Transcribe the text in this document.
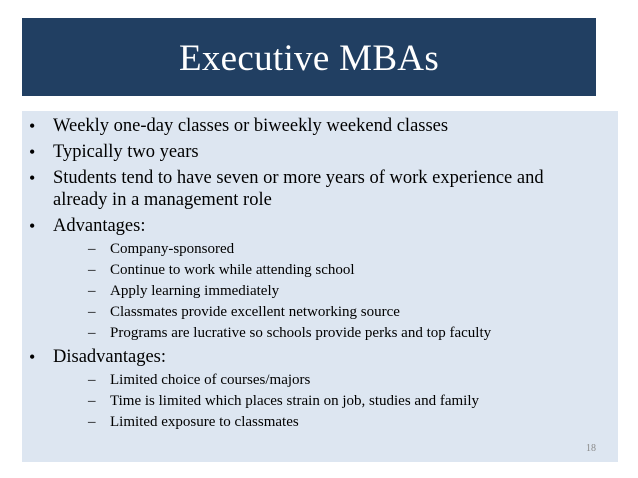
Executive MBAs
• Weekly one-day classes or biweekly weekend classes
• Typically two years
• Students tend to have seven or more years of work experience and already in a management role
• Advantages:
– Company-sponsored
– Continue to work while attending school
– Apply learning immediately
– Classmates provide excellent networking source
– Programs are lucrative so schools provide perks and top faculty
• Disadvantages:
– Limited choice of courses/majors
– Time is limited which places strain on job, studies and family
– Limited exposure to classmates
18
